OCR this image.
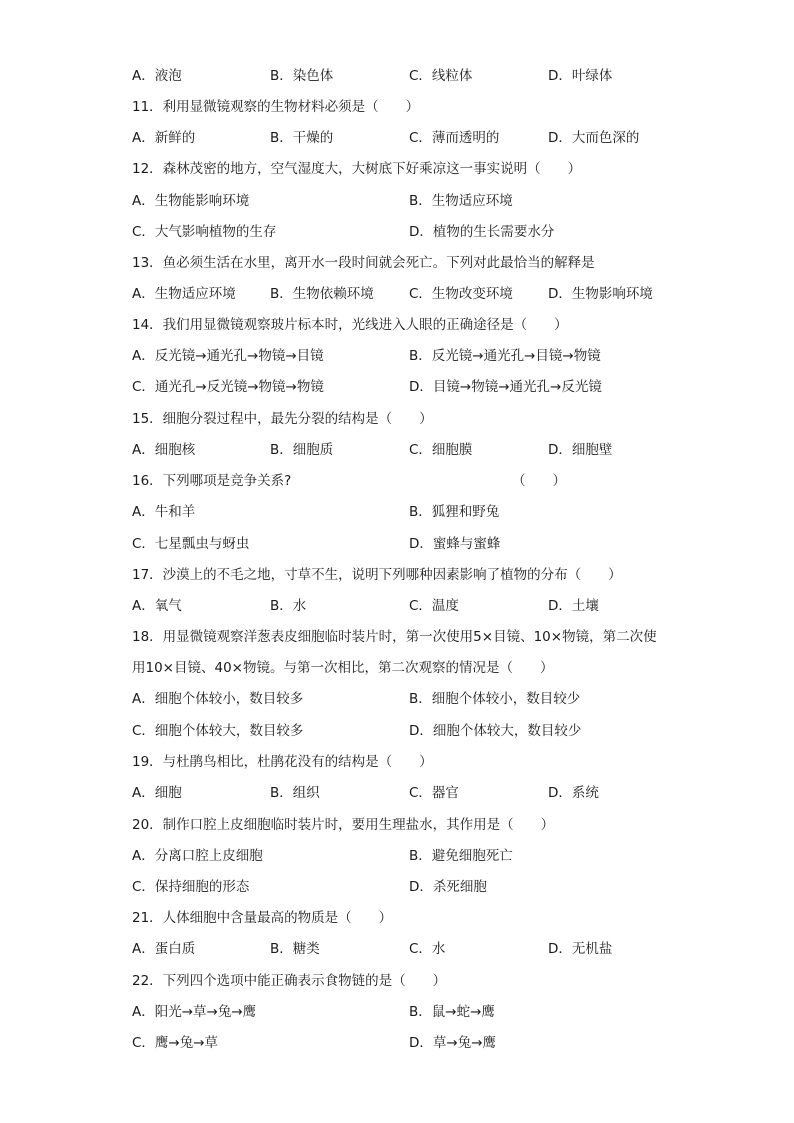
A．液泡	B．染色体	C．线粒体	D．叶绿体
11．利用显微镜观察的生物材料必须是（　　）
A．新鲜的	B．干燥的	C．薄而透明的	D．大而色深的
12．森林茂密的地方，空气湿度大，大树底下好乘凉这一事实说明（　　）
A．生物能影响环境	B．生物适应环境
C．大气影响植物的生存	D．植物的生长需要水分
13．鱼必须生活在水里，离开水一段时间就会死亡。下列对此最恰当的解释是
A．生物适应环境	B．生物依赖环境	C．生物改变环境	D．生物影响环境
14．我们用显微镜观察玻片标本时，光线进入人眼的正确途径是（　　）
A．反光镜→通光孔→物镜→目镜	B．反光镜→通光孔→目镜→物镜
C．通光孔→反光镜→物镜→物镜	D．目镜→物镜→通光孔→反光镜
15．细胞分裂过程中，最先分裂的结构是（　　）
A．细胞核	B．细胞质	C．细胞膜	D．细胞壁
16．下列哪项是竞争关系?	（　　）
A．牛和羊	B．狐狸和野兔
C．七星瓢虫与蚜虫	D．蜜蜂与蜜蜂
17．沙漠上的不毛之地，寸草不生，说明下列哪种因素影响了植物的分布（　　）
A．氧气	B．水	C．温度	D．土壤
18．用显微镜观察洋葱表皮细胞临时装片时，第一次使用5×目镜、10×物镜，第二次使
用10×目镜、40×物镜。与第一次相比，第二次观察的情况是（　　）
A．细胞个体较小，数目较多	B．细胞个体较小，数目较少
C．细胞个体较大，数目较多	D．细胞个体较大，数目较少
19．与杜鹃鸟相比，杜鹃花没有的结构是（　　）
A．细胞	B．组织	C．器官	D．系统
20．制作口腔上皮细胞临时装片时，要用生理盐水，其作用是（　　）
A．分离口腔上皮细胞	B．避免细胞死亡
C．保持细胞的形态	D．杀死细胞
21．人体细胞中含量最高的物质是（　　）
A．蛋白质	B．糖类	C．水	D．无机盐
22．下列四个选项中能正确表示食物链的是（　　）
A．阳光→草→兔→鹰	B．鼠→蛇→鹰
C．鹰→兔→草	D．草→兔→鹰
